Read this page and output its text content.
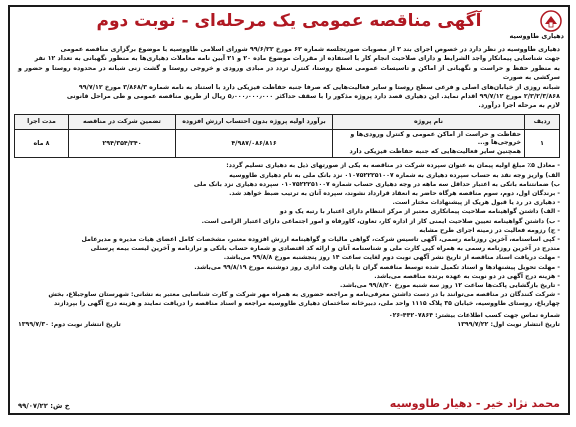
دهیاری طاووسیه
آگهی مناقصه عمومی یک مرحله‌ای - نوبت دوم
دهیاری طاووسیه در نظر دارد در خصوص اجرای بند ۲ از مصوبات صورتجلسه شماره ۶۲ مورخ ۹۹/۶/۲۲ شورای اسلامی طاووسیه با موضوع برگزاری مناقصه عمومی
جهت شناسایی پیمانکار واجد الشرایط و دارای صلاحیت انجام کار با استفاده از مقررات موضوع ماده ۲۰ و ۲۱ آیین نامه معاملات دهیاری‌ها به منظور نگهبانی به تعداد ۱۲ نفر
به منظور حفظ و حراست و نگهبانی از اماکن و تاسیسات عمومی سطح روستا، کنترل تردد در مبادی ورودی و خروجی روستا و گشت زنی شبانه در محدوده روستا و حضور و سرکشی به صورت
شبانه روزی از خیابان‌های اصلی و فرعی سطح روستا و سایر فعالیت‌هایی که صرفا جنبه حفاظت فیزیکی دارد با استناد به نامه شماره ۳/۸۶۸/۳ مورخ ۹۹/۷/۱۲
۲/۳/۲/۳/۸۶۸ مورخ ۹۹/۷/۱۲ اقدام نماید. این دهیاری قصد دارد پروژه مذکور را با سقف حداکثر ۵٫۰۰۰٫۰۰۰٫۰۰۰ ریال از طریق مناقصه عمومی و طی مراحل قانونی
لازم به مرحله اجرا درآورد.
ردیف	نام پروژه	برآورد اولیه پروژه بدون احتساب ارزش افزوده	تضمین شرکت در مناقصه	مدت اجرا
۱	حفاظت و حراست از اماکن عمومی و کنترل ورودی‌ها و خروجی‌ها و...
همچنین سایر فعالیت‌هایی که جنبه حفاظت فیزیکی دارد	۴/۹۸۷/۰۸۶/۸۱۶	۲۹۴/۳۵۴/۳۴۰	۸ ماه
- معادل ۵٪ مبلغ اولیه پیمان به عنوان سپرده شرکت در مناقصه به یکی از صورتهای ذیل به دهیاری تسلیم گردد:
الف) واریز وجه نقد به حساب سپرده دهیاری به شماره ۰۱۰۷۵۲۲۲۵۱۰۰۷ نزد بانک ملی به نام دهیاری طاووسیه
ب) ضمانتنامه بانکی به اعتبار حداقل سه ماهه در وجه دهیاری حساب شماره ۰۱۰۷۵۲۲۲۵۱۰۰۷ سپرده دهیاری نزد بانک ملی
- برندگان اول، دوم، سوم مناقصه هرگاه حاضر به انعقاد قرارداد نشوند، سپرده آنان به ترتیب ضبط خواهد شد.
- دهیاری در رد یا قبول هریک از پیشنهادات مختار است.
- الف) داشتن گواهینامه صلاحیت پیمانکاری معتبر از مرکز انتظام دارای اعتبار با رتبه یک و دو
- ب) داشتن گواهینامه تعیین صلاحیت ایمنی کار از اداره کار، تعاون، کاورفاه و امور اجتماعی دارای اعتبار الزامی است.
- ج) رزومه فعالیت در زمینه اجرای طرح مشابه
- کپی اساسنامه، آخرین روزنامه رسمی، آگهی تاسیس شرکت، گواهی مالیات و گواهینامه ارزش افزوده معتبر، مشخصات کامل اعضای هیات مدیره و مدیرعامل
مندرج در آخرین روزنامه رسمی به همراه کپی کارت ملی و شناسنامه آنان و ارائه کد اقتصادی و شماره حساب بانکی و ترازنامه و آخرین لیست بیمه پرسنلی
- مهلت دریافت اسناد مناقصه از تاریخ نشر آگهی نوبت دوم لغایت ساعت ۱۴ روز پنجشنبه مورخ ۹۹/۸/۸ می‌باشد.
- مهلت تحویل پیشنهادها و اسناد تکمیل شده توسط مناقصه گران تا پایان وقت اداری روز دوشنبه مورخ ۹۹/۸/۱۹ می‌باشد.
- هزینه درج آگهی در دو نوبت به عهده برنده مناقصه می‌باشد.
- تاریخ بازگشایی پاکت‌ها ساعت ۱۲ روز سه شنبه مورخ ۹۹/۸/۲۰ می‌باشد.
- شرکت کنندگان در مناقصه می‌توانند با در دست داشتن معرفی‌نامه و مراجعه حضوری به همراه مهر شرکت و کارت شناسایی معتبر به نشانی: شهرستان ساوجبلاغ، بخش
چهارباغ، روستای طاووسیه، خیابان ۳۵ پلاک ۱۱۱۵ واحد ملی، دبیرخانه ساختمان دهیاری طاووسیه مراجعه و اسناد مناقصه را دریافت نمایند و هزینه درج آگهی را بپردازند
شماره تماس جهت کسب اطلاعات بیشتر: ۴۴۲۰۷۸۶۴-۰۲۶
تاریخ انتشار نوبت اول: ۱۳۹۹/۷/۲۲
تاریخ انتشار نوبت دوم: ۱۳۹۹/۷/۳۰
محمد نژاد خیر - دهیار طاووسیه
خ ش: ۹۹/۰۷/۲۲
